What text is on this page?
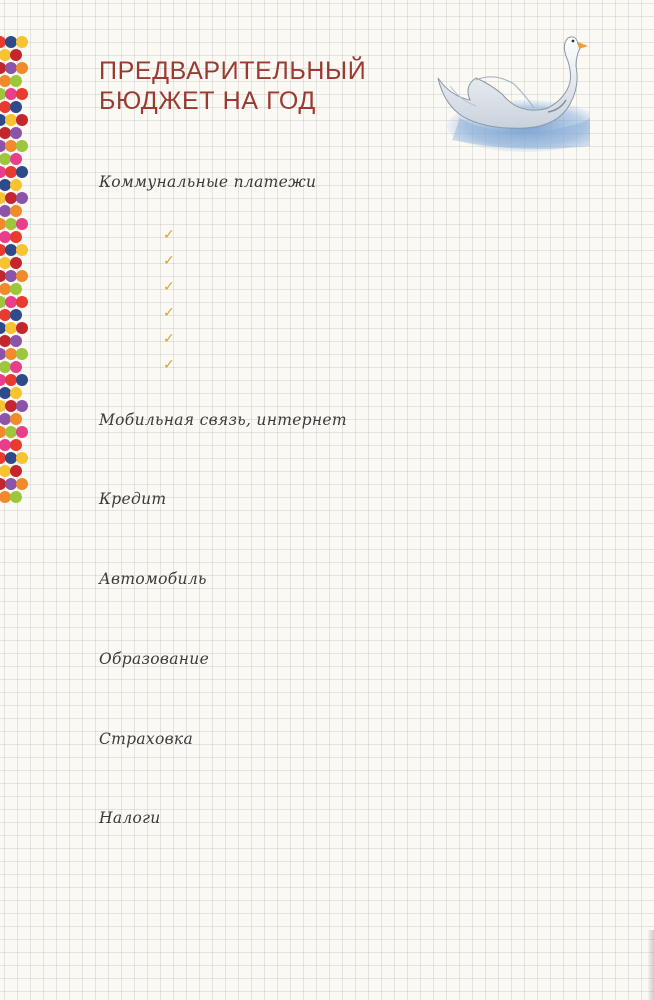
ПРЕДВАРИТЕЛЬНЫЙ
БЮДЖЕТ НА ГОД

Коммунальные платежи

✓
✓
✓
✓
✓
✓

Мобильная связь, интернет

Кредит

Автомобиль

Образование

Страховка

Налоги
